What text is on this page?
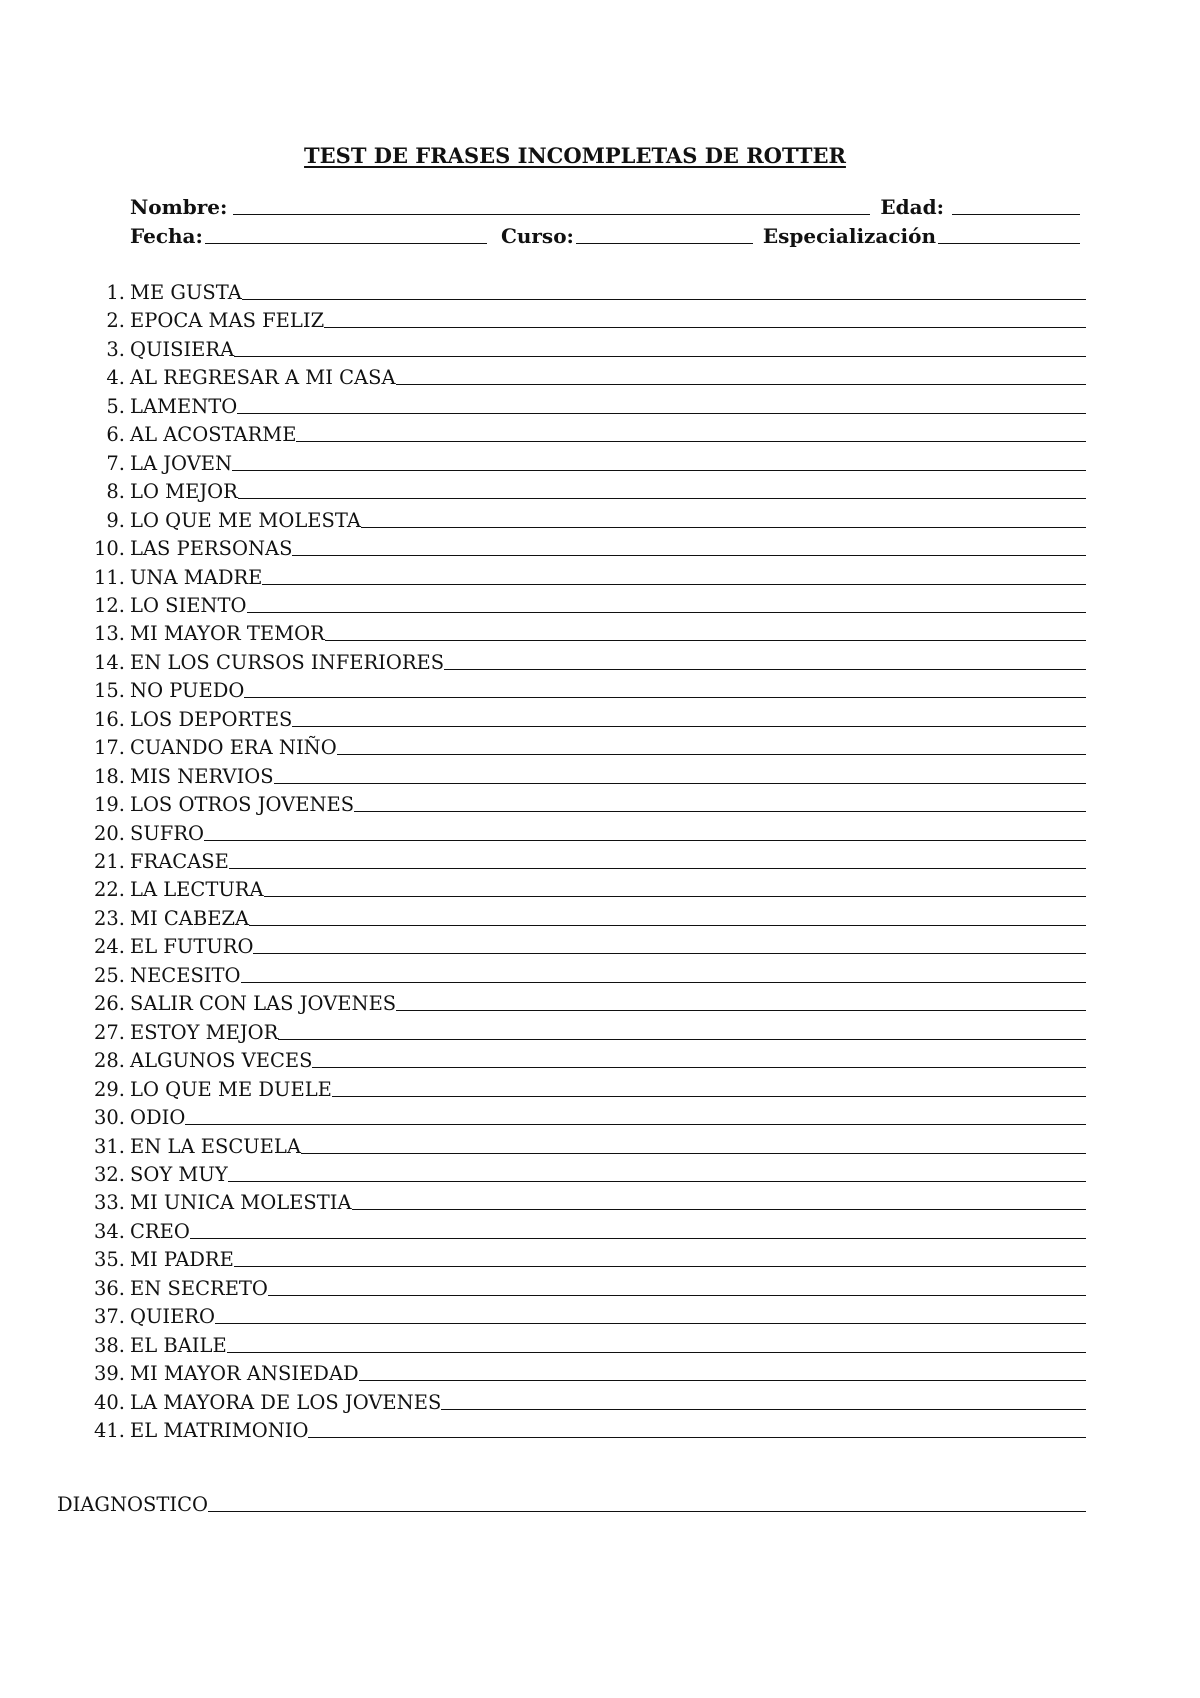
TEST DE FRASES INCOMPLETAS DE ROTTER
Nombre:	Edad:
Fecha:	Curso:	Especialización
1. ME GUSTA
2. EPOCA MAS FELIZ
3. QUISIERA
4. AL REGRESAR A MI CASA
5. LAMENTO
6. AL ACOSTARME
7. LA JOVEN
8. LO MEJOR
9. LO QUE ME MOLESTA
10. LAS PERSONAS
11. UNA MADRE
12. LO SIENTO
13. MI MAYOR TEMOR
14. EN LOS CURSOS INFERIORES
15. NO PUEDO
16. LOS DEPORTES
17. CUANDO ERA NIÑO
18. MIS NERVIOS
19. LOS OTROS JOVENES
20. SUFRO
21. FRACASE
22. LA LECTURA
23. MI CABEZA
24. EL FUTURO
25. NECESITO
26. SALIR CON LAS JOVENES
27. ESTOY MEJOR
28. ALGUNOS VECES
29. LO QUE ME DUELE
30. ODIO
31. EN LA ESCUELA
32. SOY MUY
33. MI UNICA MOLESTIA
34. CREO
35. MI PADRE
36. EN SECRETO
37. QUIERO
38. EL BAILE
39. MI MAYOR ANSIEDAD
40. LA MAYORA DE LOS JOVENES
41. EL MATRIMONIO
DIAGNOSTICO
